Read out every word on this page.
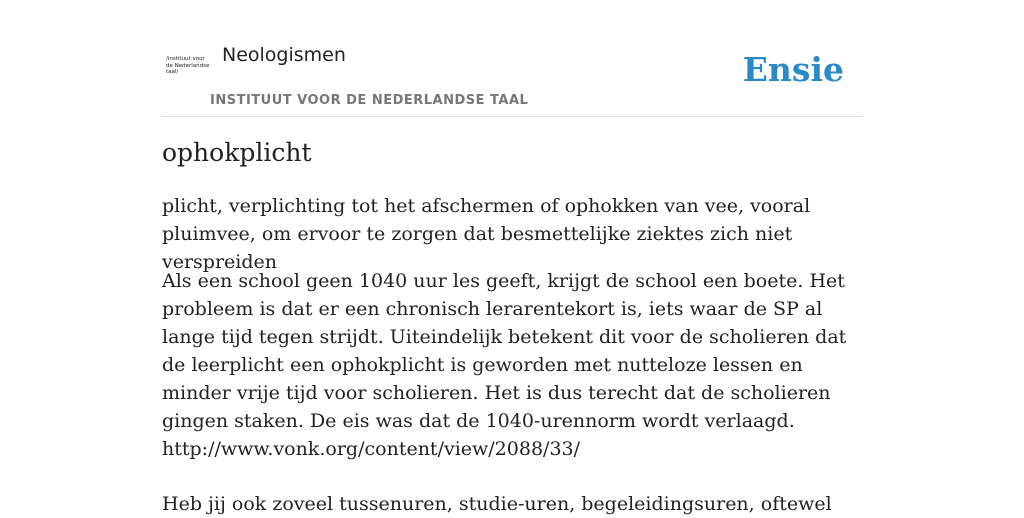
/instituut voor de Nederlandse taal/
Neologismen
INSTITUUT VOOR DE NEDERLANDSE TAAL
Ensie
ophokplicht
plicht, verplichting tot het afschermen of ophokken van vee, vooral pluimvee, om ervoor te zorgen dat besmettelijke ziektes zich niet verspreiden

Als een school geen 1040 uur les geeft, krijgt de school een boete. Het probleem is dat er een chronisch lerarentekort is, iets waar de SP al lange tijd tegen strijdt. Uiteindelijk betekent dit voor de scholieren dat de leerplicht een ophokplicht is geworden met nutteloze lessen en minder vrije tijd voor scholieren. Het is dus terecht dat de scholieren gingen staken. De eis was dat de 1040-urennorm wordt verlaagd.

http://www.vonk.org/content/view/2088/33/
Heb jij ook zoveel tussenuren, studie-uren, begeleidingsuren, oftewel
